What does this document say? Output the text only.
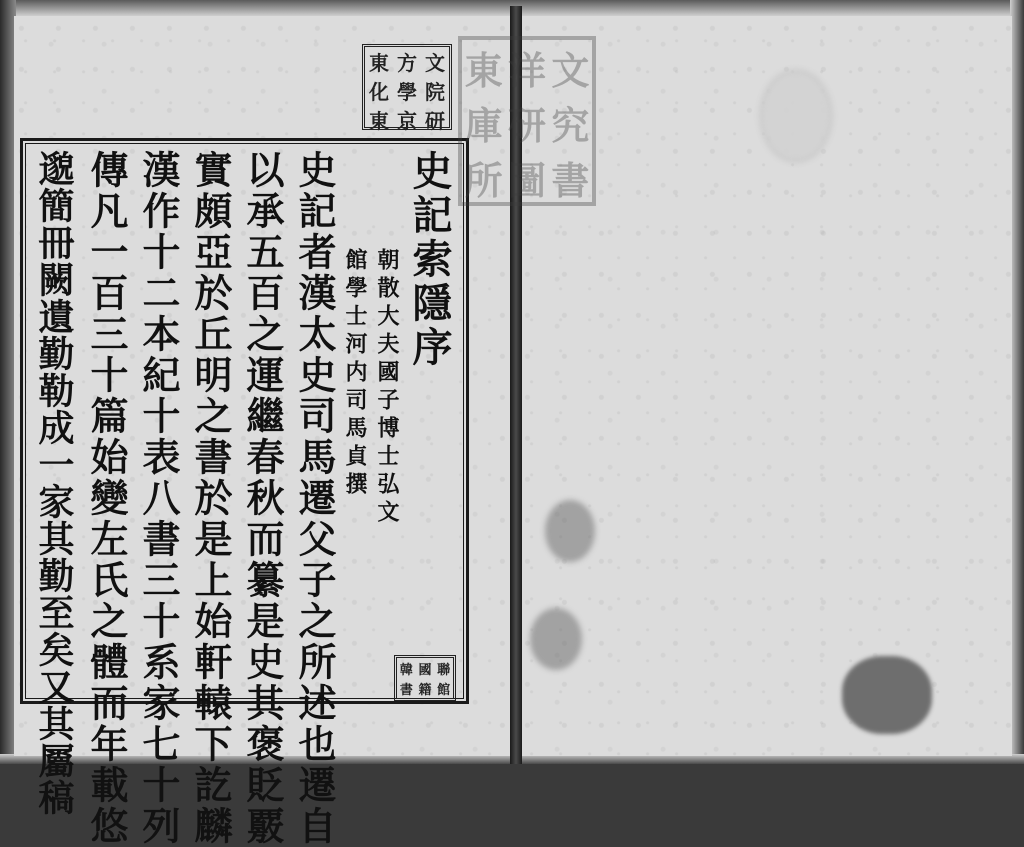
史記索隱序
朝散大夫國子博士弘文
館學士河内司馬貞撰
史記者漢太史司馬遷父子之所述也遷自
以承五百之運繼春秋而纂是史其褒貶覈
實頗亞於丘明之書於是上始軒轅下訖麟
漢作十二本紀十表八書三十系家七十列
傳凡一百三十篇始變左氏之體而年載悠
邈簡冊闕遺勤勒成一家其勤至矣又其屬稿
東 洋 文
庫 研 究
所 圖 書
東 方 文
化 學 院
東 京 研
韓 國 聯
書 籍 館
